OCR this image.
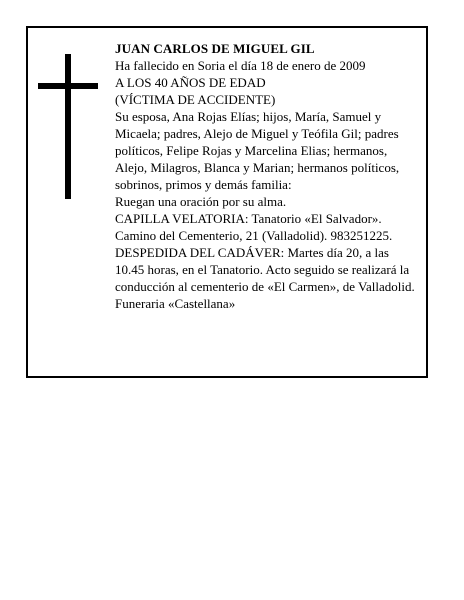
JUAN CARLOS DE MIGUEL GIL

Ha fallecido en Soria el día 18 de enero de 2009

A LOS 40 AÑOS DE EDAD

(VÍCTIMA DE ACCIDENTE)

Su esposa, Ana Rojas Elías; hijos, María, Samuel y Micaela; padres, Alejo de Miguel y Teófila Gil; padres políticos, Felipe Rojas y Marcelina Elias; hermanos, Alejo, Milagros, Blanca y Marian; hermanos políticos, sobrinos, primos y demás familia:

Ruegan una oración por su alma.

CAPILLA VELATORIA: Tanatorio «El Salvador». Camino del Cementerio, 21 (Valladolid). 983251225.

DESPEDIDA DEL CADÁVER: Martes día 20, a las 10.45 horas, en el Tanatorio. Acto seguido se realizará la conducción al cementerio de «El Carmen», de Valladolid.

Funeraria «Castellana»
